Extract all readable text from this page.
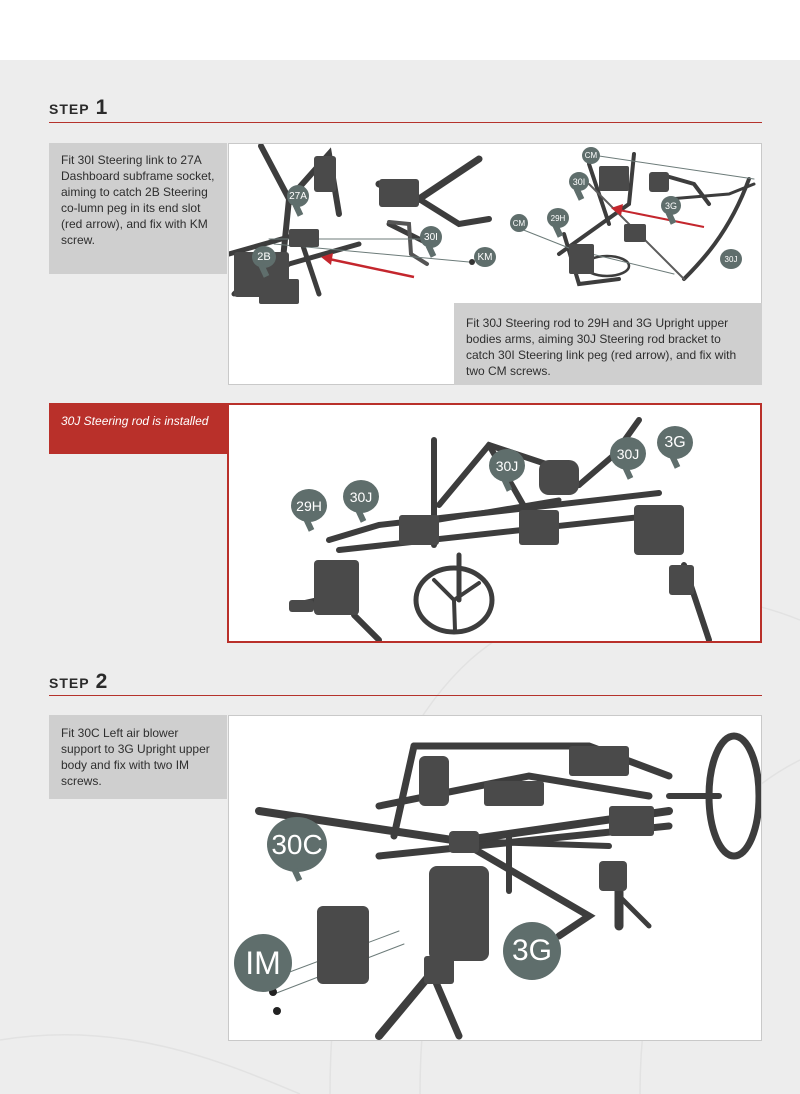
STEP 1
Fit 30I Steering link to 27A Dashboard subframe socket, aiming to catch 2B Steering co-lumn peg in its end slot (red arrow), and fix with KM screw.
Fit 30J Steering rod to 29H and 3G Upright upper bodies arms, aiming 30J Steering rod bracket to catch 30I Steering link peg (red arrow), and fix with two CM screws.
27A
2B
30I
KM
CM
30I
3G
CM
29H
30J
30J Steering rod is installed
29H
30J
30J
30J
3G
STEP 2
Fit 30C Left air blower support to 3G Upright upper body and fix with two IM screws.
30C
IM	3G
